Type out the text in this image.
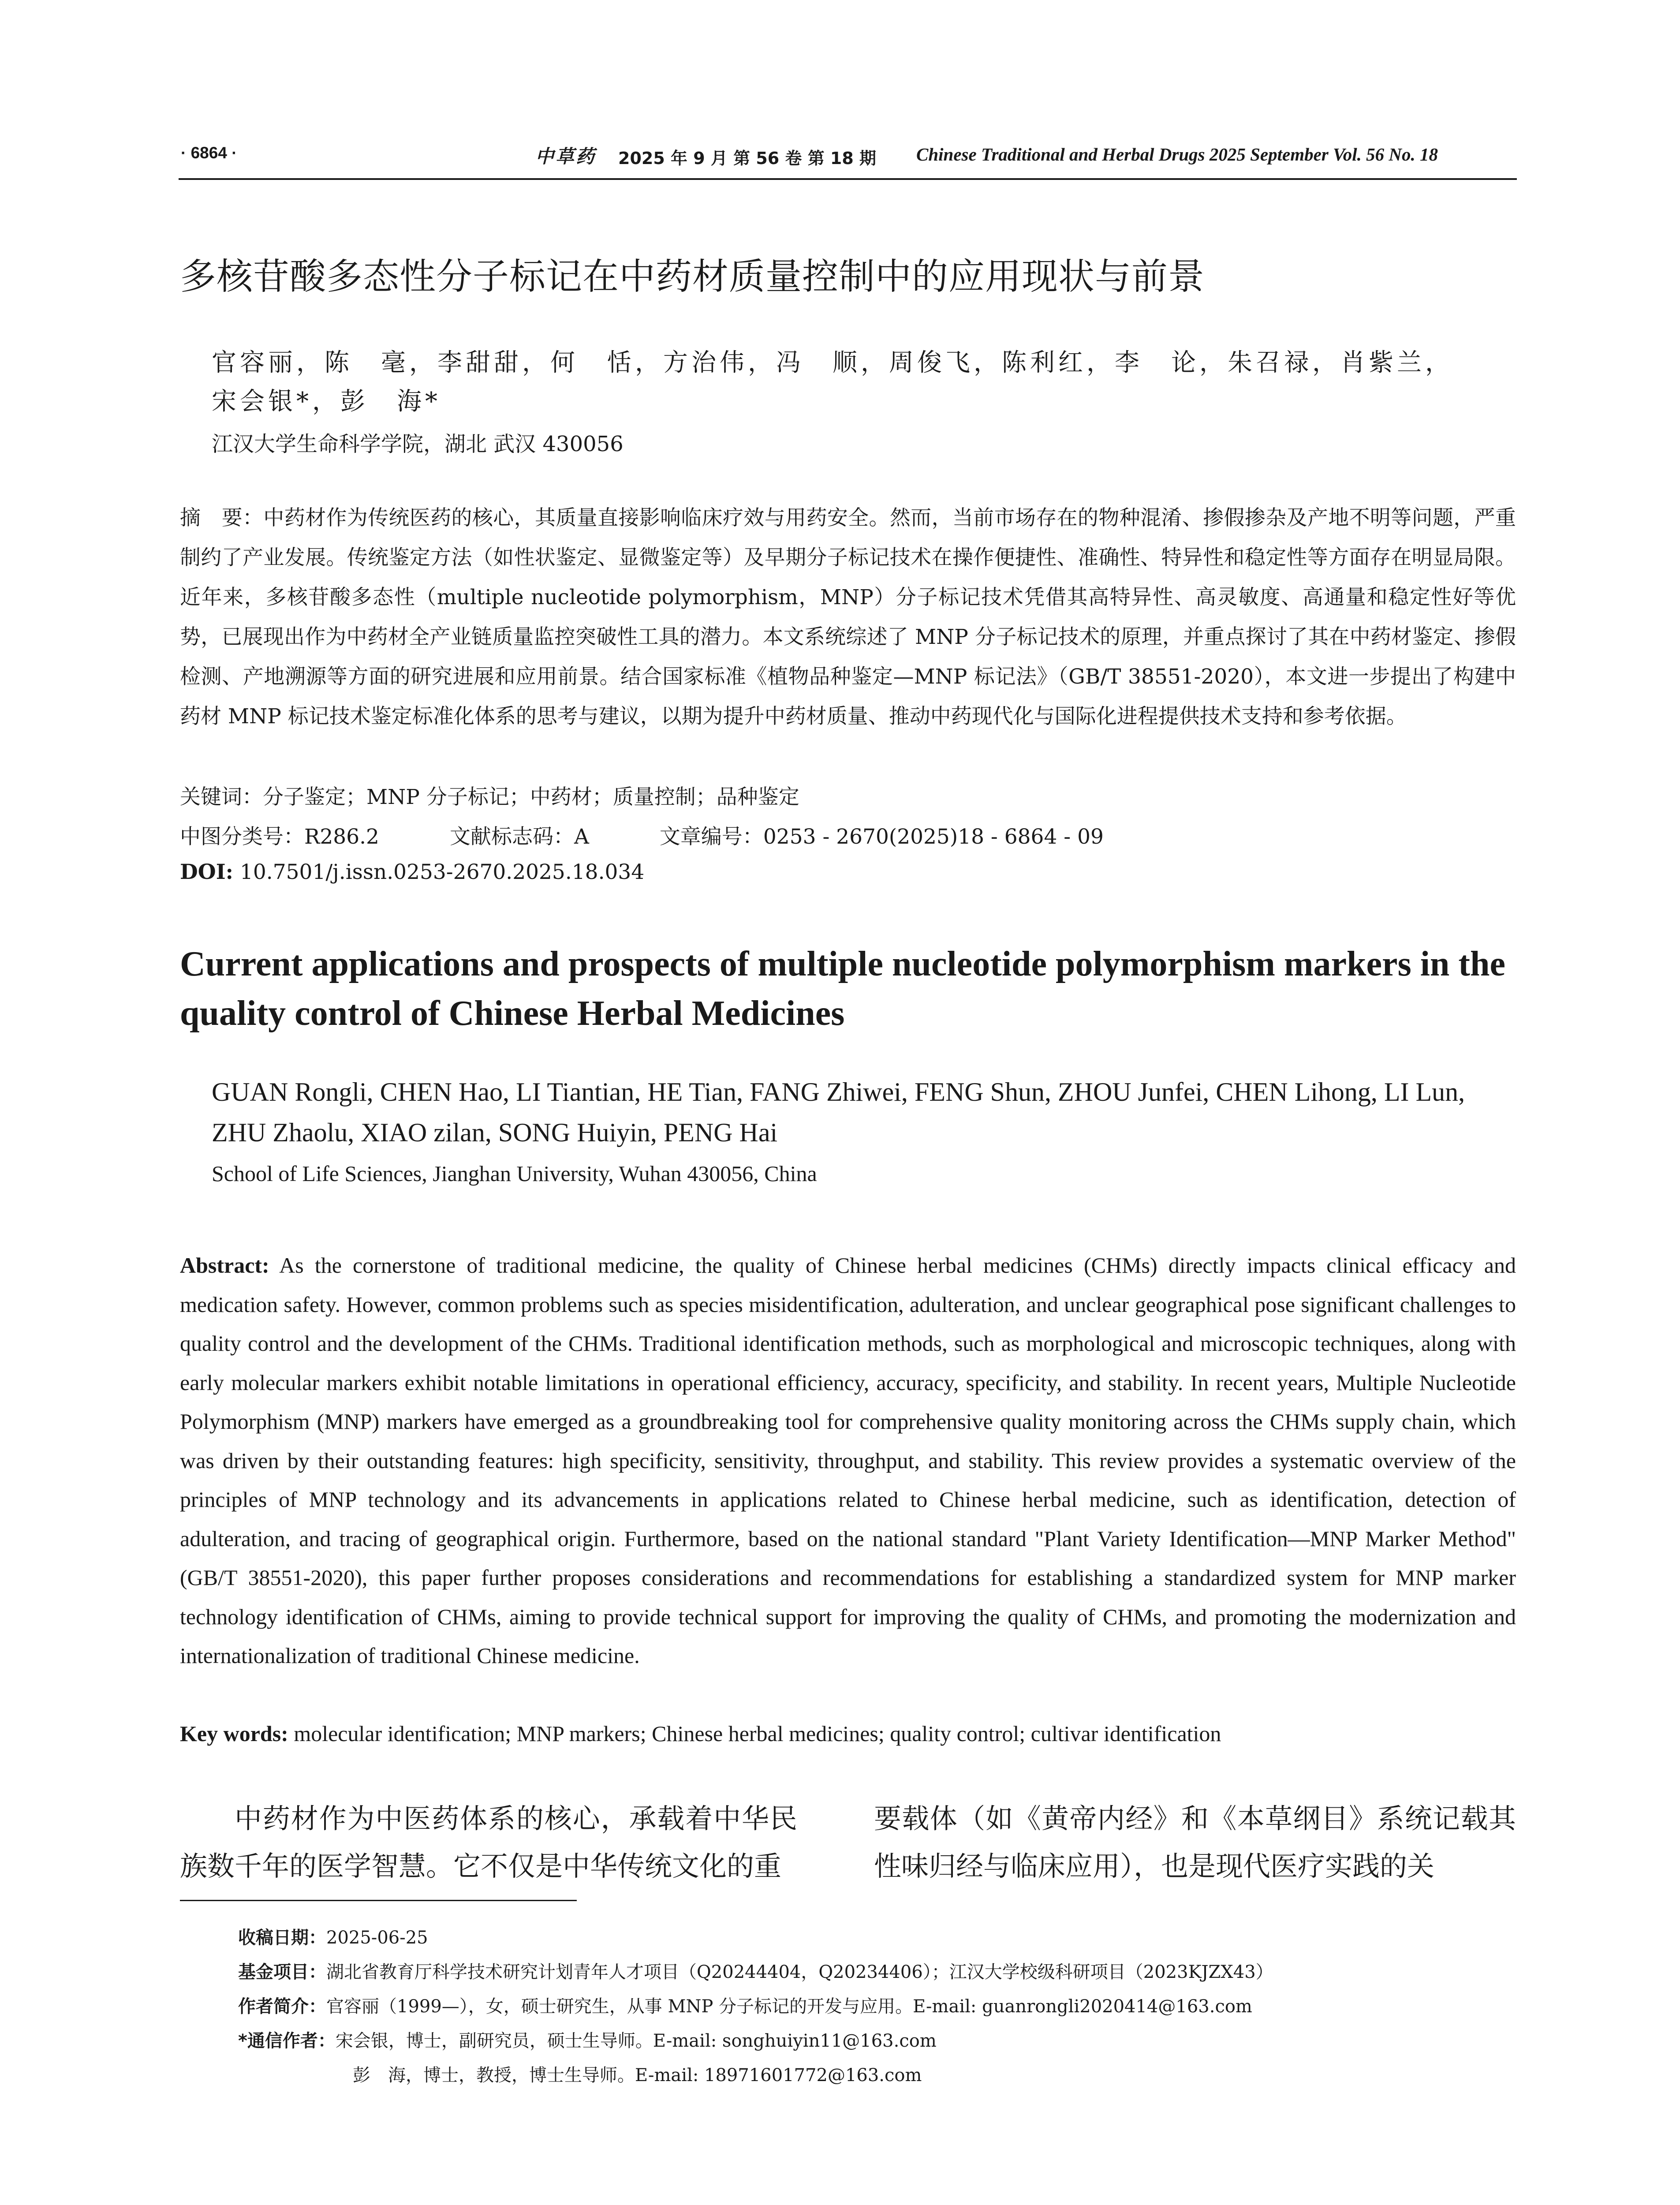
· 6864 ·	中草药 2025 年 9 月 第 56 卷 第 18 期 Chinese Traditional and Herbal Drugs 2025 September Vol. 56 No. 18
多核苷酸多态性分子标记在中药材质量控制中的应用现状与前景
官容丽，陈　毫，李甜甜，何　恬，方治伟，冯　顺，周俊飞，陈利红，李　论，朱召禄，肖紫兰，
宋会银*，彭　海*
江汉大学生命科学学院，湖北 武汉 430056
摘　要：中药材作为传统医药的核心，其质量直接影响临床疗效与用药安全。然而，当前市场存在的物种混淆、掺假掺杂及产地不明等问题，严重制约了产业发展。传统鉴定方法（如性状鉴定、显微鉴定等）及早期分子标记技术在操作便捷性、准确性、特异性和稳定性等方面存在明显局限。近年来，多核苷酸多态性（multiple nucleotide polymorphism，MNP）分子标记技术凭借其高特异性、高灵敏度、高通量和稳定性好等优势，已展现出作为中药材全产业链质量监控突破性工具的潜力。本文系统综述了 MNP 分子标记技术的原理，并重点探讨了其在中药材鉴定、掺假检测、产地溯源等方面的研究进展和应用前景。结合国家标准《植物品种鉴定—MNP 标记法》（GB/T 38551-2020），本文进一步提出了构建中药材 MNP 标记技术鉴定标准化体系的思考与建议，以期为提升中药材质量、推动中药现代化与国际化进程提供技术支持和参考依据。
关键词：分子鉴定；MNP 分子标记；中药材；质量控制；品种鉴定
中图分类号：R286.2	文献标志码：A	文章编号：0253 - 2670(2025)18 - 6864 - 09
DOI: 10.7501/j.issn.0253-2670.2025.18.034
Current applications and prospects of multiple nucleotide polymorphism markers in the quality control of Chinese Herbal Medicines
GUAN Rongli, CHEN Hao, LI Tiantian, HE Tian, FANG Zhiwei, FENG Shun, ZHOU Junfei, CHEN Lihong, LI Lun, ZHU Zhaolu, XIAO zilan, SONG Huiyin, PENG Hai
School of Life Sciences, Jianghan University, Wuhan 430056, China
Abstract: As the cornerstone of traditional medicine, the quality of Chinese herbal medicines (CHMs) directly impacts clinical efficacy and medication safety. However, common problems such as species misidentification, adulteration, and unclear geographical pose significant challenges to quality control and the development of the CHMs. Traditional identification methods, such as morphological and microscopic techniques, along with early molecular markers exhibit notable limitations in operational efficiency, accuracy, specificity, and stability. In recent years, Multiple Nucleotide Polymorphism (MNP) markers have emerged as a groundbreaking tool for comprehensive quality monitoring across the CHMs supply chain, which was driven by their outstanding features: high specificity, sensitivity, throughput, and stability. This review provides a systematic overview of the principles of MNP technology and its advancements in applications related to Chinese herbal medicine, such as identification, detection of adulteration, and tracing of geographical origin. Furthermore, based on the national standard "Plant Variety Identification—MNP Marker Method" (GB/T 38551-2020), this paper further proposes considerations and recommendations for establishing a standardized system for MNP marker technology identification of CHMs, aiming to provide technical support for improving the quality of CHMs, and promoting the modernization and internationalization of traditional Chinese medicine.
Key words: molecular identification; MNP markers; Chinese herbal medicines; quality control; cultivar identification
中药材作为中医药体系的核心，承载着中华民族数千年的医学智慧。它不仅是中华传统文化的重
要载体（如《黄帝内经》和《本草纲目》系统记载其性味归经与临床应用），也是现代医疗实践的关
收稿日期：2025-06-25
基金项目：湖北省教育厅科学技术研究计划青年人才项目（Q20244404，Q20234406）；江汉大学校级科研项目（2023KJZX43）
作者简介：官容丽（1999—），女，硕士研究生，从事 MNP 分子标记的开发与应用。E-mail: guanrongli2020414@163.com
*通信作者：宋会银，博士，副研究员，硕士生导师。E-mail: songhuiyin11@163.com
彭　海，博士，教授，博士生导师。E-mail: 18971601772@163.com
